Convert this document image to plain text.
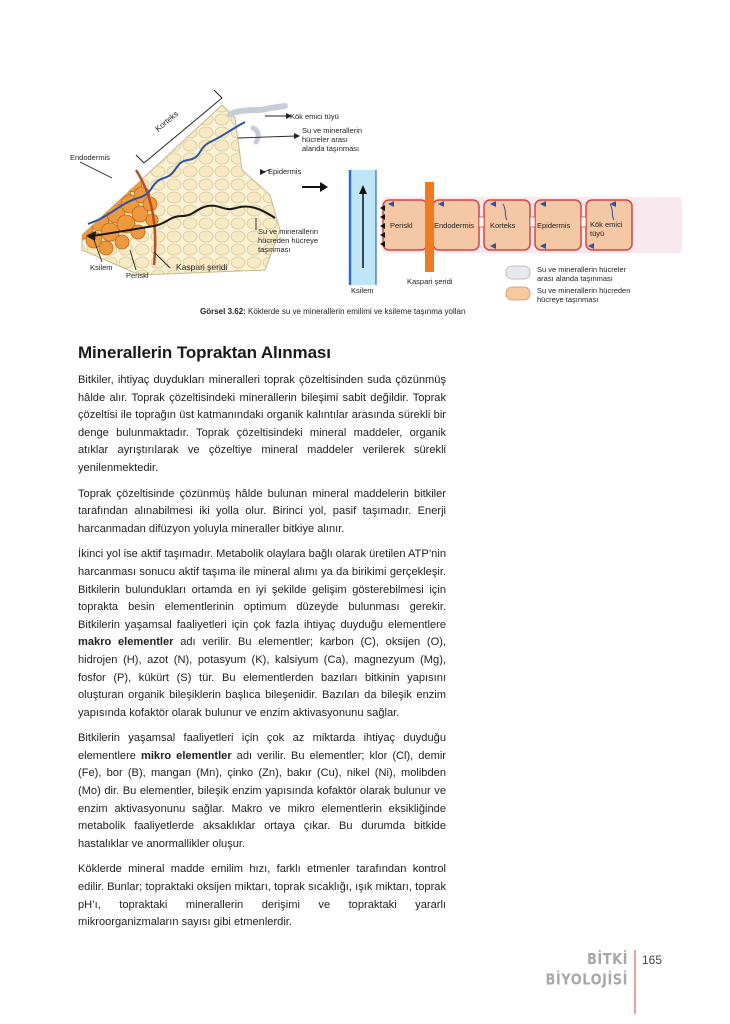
Korteks	Kök emici tüyü
Su ve minerallerin
hücreler arası
alanda taşınması
Endodermis
Epidermis
Su ve minerallerin
hücreden hücreye
taşınması
Ksilem
Periskl
Kaspari şeridi
Ksilem
Kaspari şeridi
Periskl	Endodermis Korteks	Epidermis	Kök emici
tüyü
Su ve minerallerin hücreler
arası alanda taşınması
Su ve minerallerin hücreden
hücreye taşınması
Görsel 3.62: Köklerde su ve minerallerin emilimi ve ksileme taşınma yolları
Minerallerin Topraktan Alınması

Bitkiler, ihtiyaç duydukları mineralleri toprak çözeltisinden suda çözünmüş hâlde alır. Toprak çözeltisindeki minerallerin bileşimi sabit değildir. Toprak çözeltisi ile toprağın üst katmanındaki organik kalıntılar arasında sürekli bir denge bulunmaktadır. Toprak çözeltisindeki mineral maddeler, organik atıklar ayrıştırılarak ve çözeltiye mineral maddeler verilerek sürekli yenilenmektedir.

Toprak çözeltisinde çözünmüş hâlde bulunan mineral maddelerin bitkiler tarafından alınabilmesi iki yolla olur. Birinci yol, pasif taşımadır. Enerji harcanmadan difüzyon yoluyla mineraller bitkiye alınır.

İkinci yol ise aktif taşımadır. Metabolik olaylara bağlı olarak üretilen ATP’nin harcanması sonucu aktif taşıma ile mineral alımı ya da birikimi gerçekleşir. Bitkilerin bulundukları ortamda en iyi şekilde gelişim gösterebilmesi için toprakta besin elementlerinin optimum düzeyde bulunması gerekir. Bitkilerin yaşamsal faaliyetleri için çok fazla ihtiyaç duyduğu elementlere makro elementler adı verilir. Bu elementler; karbon (C), oksijen (O), hidrojen (H), azot (N), potasyum (K), kalsiyum (Ca), magnezyum (Mg), fosfor (P), kükürt (S) tür. Bu elementlerden bazıları bitkinin yapısını oluşturan organik bileşiklerin başlıca bileşenidir. Bazıları da bileşik enzim yapısında kofaktör olarak bulunur ve enzim aktivasyonunu sağlar.

Bitkilerin yaşamsal faaliyetleri için çok az miktarda ihtiyaç duyduğu elementlere mikro elementler adı verilir. Bu elementler; klor (Cl), demir (Fe), bor (B), mangan (Mn), çinko (Zn), bakır (Cu), nikel (Ni), molibden (Mo) dir. Bu elementler, bileşik enzim yapısında kofaktör olarak bulunur ve enzim aktivasyonunu sağlar. Makro ve mikro elementlerin eksikliğinde metabolik faaliyetlerde aksaklıklar ortaya çıkar. Bu durumda bitkide hastalıklar ve anormallikler oluşur.

Köklerde mineral madde emilim hızı, farklı etmenler tarafından kontrol edilir. Bunlar; topraktaki oksijen miktarı, toprak sıcaklığı, ışık miktarı, toprak pH’ı, topraktaki minerallerin derişimi ve topraktaki yararlı mikroorganizmaların sayısı gibi etmenlerdir.

BİTKİ
BİYOLOJİSİ
165
